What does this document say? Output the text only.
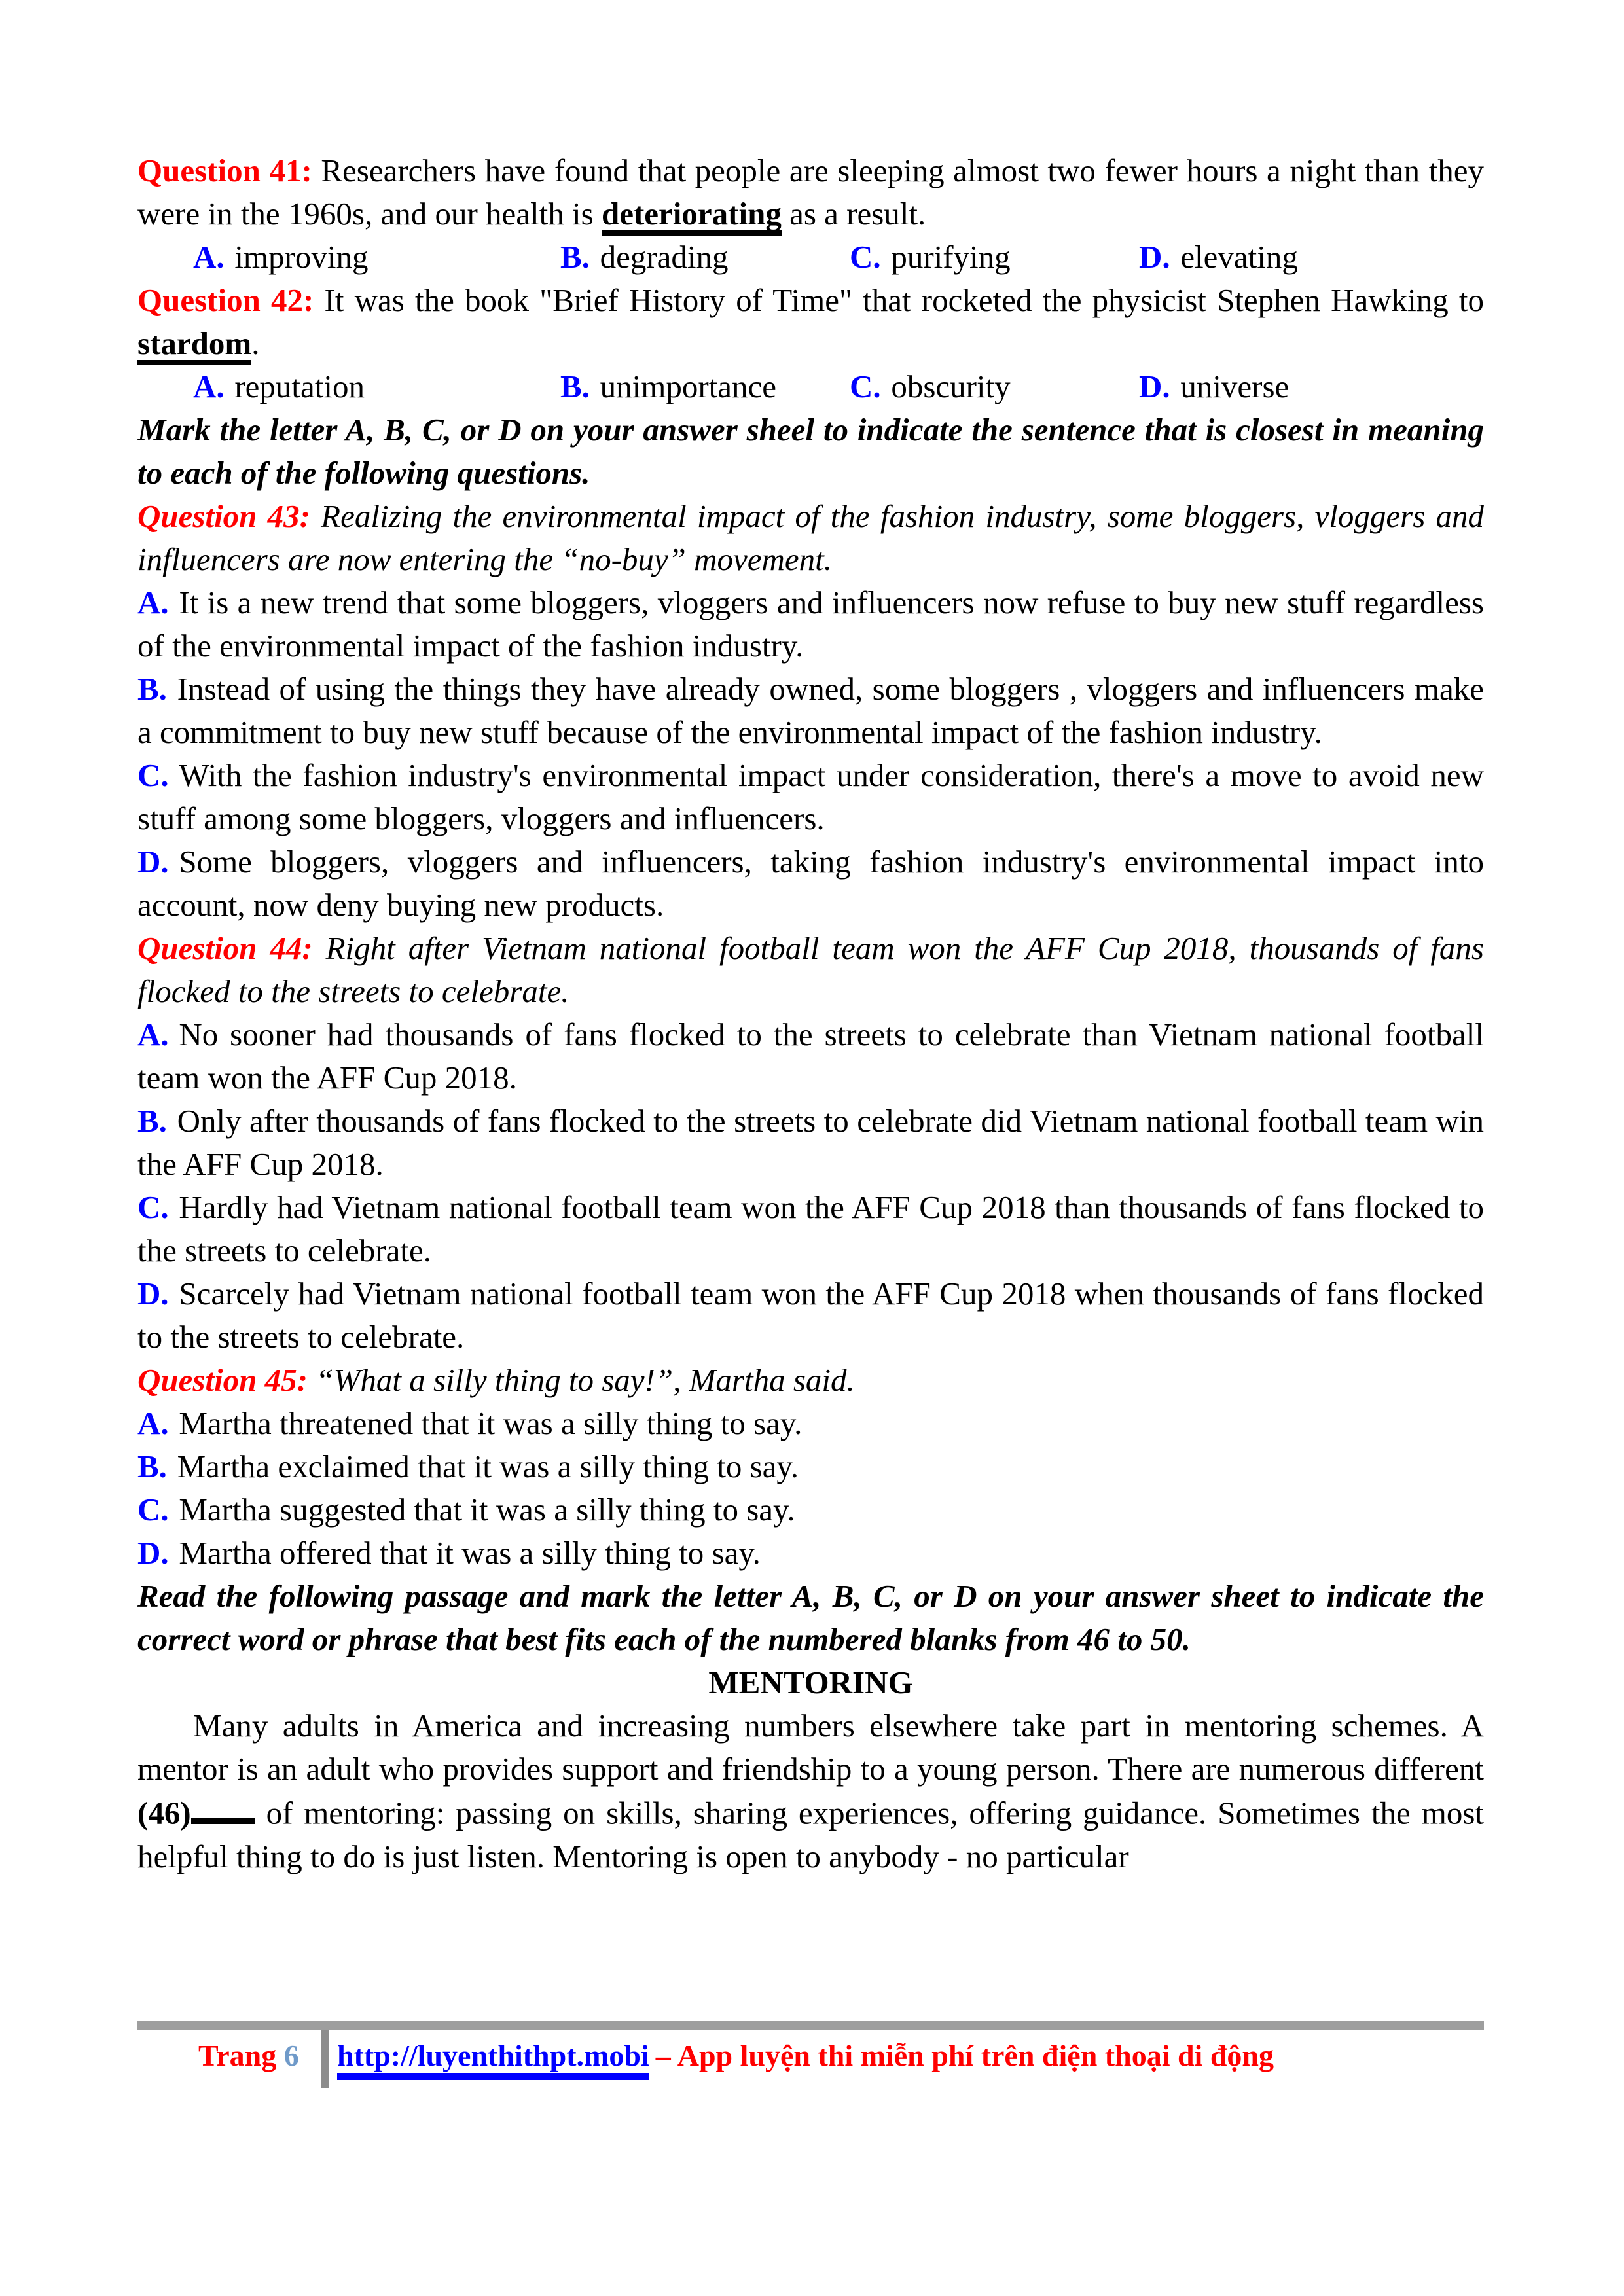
Question 41: Researchers have found that people are sleeping almost two fewer hours a night than they were in the 1960s, and our health is deteriorating as a result.

A. improving	B. degrading	C. purifying	D. elevating

Question 42: It was the book "Brief History of Time" that rocketed the physicist Stephen Hawking to stardom.

A. reputation	B. unimportance C. obscurity	D. universe

Mark the letter A, B, C, or D on your answer sheel to indicate the sentence that is closest in meaning to each of the following questions.

Question 43: Realizing the environmental impact of the fashion industry, some bloggers, vloggers and influencers are now entering the “no-buy” movement.

A. It is a new trend that some bloggers, vloggers and influencers now refuse to buy new stuff regardless of the environmental impact of the fashion industry.

B. Instead of using the things they have already owned, some bloggers , vloggers and influencers make a commitment to buy new stuff because of the environmental impact of the fashion industry.

C. With the fashion industry's environmental impact under consideration, there's a move to avoid new stuff among some bloggers, vloggers and influencers.

D. Some bloggers, vloggers and influencers, taking fashion industry's environmental impact into account, now deny buying new products.

Question 44: Right after Vietnam national football team won the AFF Cup 2018, thousands of fans flocked to the streets to celebrate.

A. No sooner had thousands of fans flocked to the streets to celebrate than Vietnam national football team won the AFF Cup 2018.

B. Only after thousands of fans flocked to the streets to celebrate did Vietnam national football team win the AFF Cup 2018.

C. Hardly had Vietnam national football team won the AFF Cup 2018 than thousands of fans flocked to the streets to celebrate.

D. Scarcely had Vietnam national football team won the AFF Cup 2018 when thousands of fans flocked to the streets to celebrate.

Question 45: “What a silly thing to say!”, Martha said.

A. Martha threatened that it was a silly thing to say.

B. Martha exclaimed that it was a silly thing to say.

C. Martha suggested that it was a silly thing to say.

D. Martha offered that it was a silly thing to say.

Read the following passage and mark the letter A, B, C, or D on your answer sheet to indicate the correct word or phrase that best fits each of the numbered blanks from 46 to 50.

MENTORING

Many adults in America and increasing numbers elsewhere take part in mentoring schemes. A mentor is an adult who provides support and friendship to a young person. There are numerous different (46) of mentoring: passing on skills, sharing experiences, offering guidance. Sometimes the most helpful thing to do is just listen. Mentoring is open to anybody - no particular

Trang 6	http://luyenthithpt.mobi – App luyện thi miễn phí trên điện thoại di động
